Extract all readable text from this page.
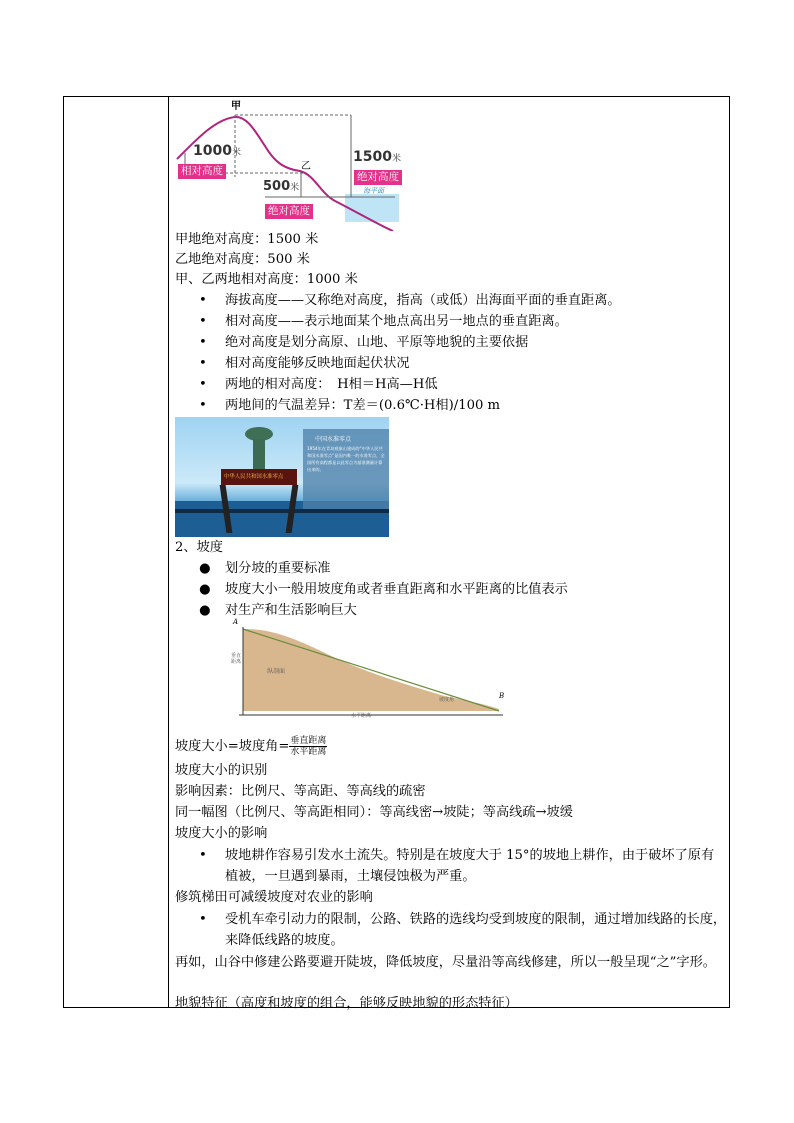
甲
乙
1000米
相对高度
1500米
绝对高度
500米
绝对高度
海平面
甲地绝对高度：1500 米
乙地绝对高度：500 米
甲、乙两地相对高度：1000 米
• 海拔高度——又称绝对高度，指高（或低）出海面平面的垂直距离。
• 相对高度——表示地面某个地点高出另一地点的垂直距离。
• 绝对高度是划分高原、山地、平原等地貌的主要依据
• 相对高度能够反映地面起伏状况
• 两地的相对高度：　H相＝H高—H低
• 两地间的气温差异：T差＝(0.6℃·H相)/100 m
中国水准零点
1954年在青岛观象山建成的“中华人民共和国水准零点”是国内唯一的水准零点，全国所有高程都是以此零点为基准测量计算出来的。
中华人民共和国水准零点
2、坡度
● 划分坡的重要标准
● 坡度大小一般用坡度角或者垂直距离和水平距离的比值表示
● 对生产和生活影响巨大
A
B
垂直距离
水平距离
纵剖面
坡度角
坡度大小=坡度角= $\frac{\text{垂直距离}}{\text{水平距离}}$
坡度大小的识别
影响因素：比例尺、等高距、等高线的疏密
同一幅图（比例尺、等高距相同）：等高线密→坡陡；等高线疏→坡缓
坡度大小的影响
• 坡地耕作容易引发水土流失。特别是在坡度大于 15°的坡地上耕作，由于破坏了原有植被，一旦遇到暴雨，土壤侵蚀极为严重。
修筑梯田可减缓坡度对农业的影响
• 受机车牵引动力的限制，公路、铁路的选线均受到坡度的限制，通过增加线路的长度，来降低线路的坡度。
再如，山谷中修建公路要避开陡坡，降低坡度，尽量沿等高线修建，所以一般呈现“之”字形。
地貌特征（高度和坡度的组合，能够反映地貌的形态特征）
